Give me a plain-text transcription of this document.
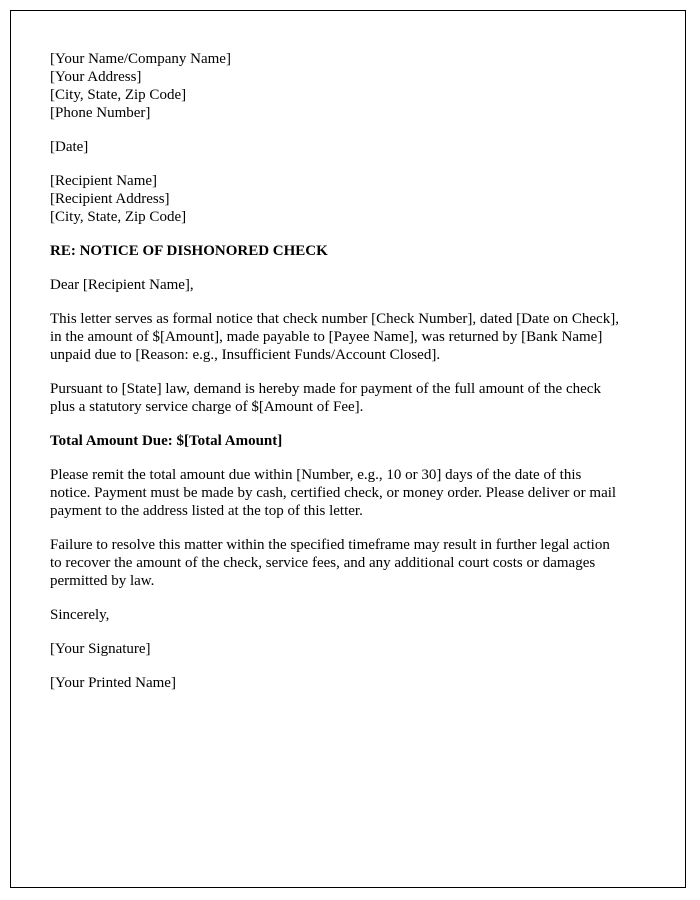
[Your Name/Company Name]

[Your Address]

[City, State, Zip Code]

[Phone Number]

[Date]

[Recipient Name]

[Recipient Address]

[City, State, Zip Code]

RE: NOTICE OF DISHONORED CHECK

Dear [Recipient Name],

This letter serves as formal notice that check number [Check Number], dated [Date on Check], in the amount of $[Amount], made payable to [Payee Name], was returned by [Bank Name] unpaid due to [Reason: e.g., Insufficient Funds/Account Closed].

Pursuant to [State] law, demand is hereby made for payment of the full amount of the check plus a statutory service charge of $[Amount of Fee].

Total Amount Due: $[Total Amount]

Please remit the total amount due within [Number, e.g., 10 or 30] days of the date of this notice. Payment must be made by cash, certified check, or money order. Please deliver or mail payment to the address listed at the top of this letter.

Failure to resolve this matter within the specified timeframe may result in further legal action to recover the amount of the check, service fees, and any additional court costs or damages permitted by law.

Sincerely,

[Your Signature]

[Your Printed Name]
